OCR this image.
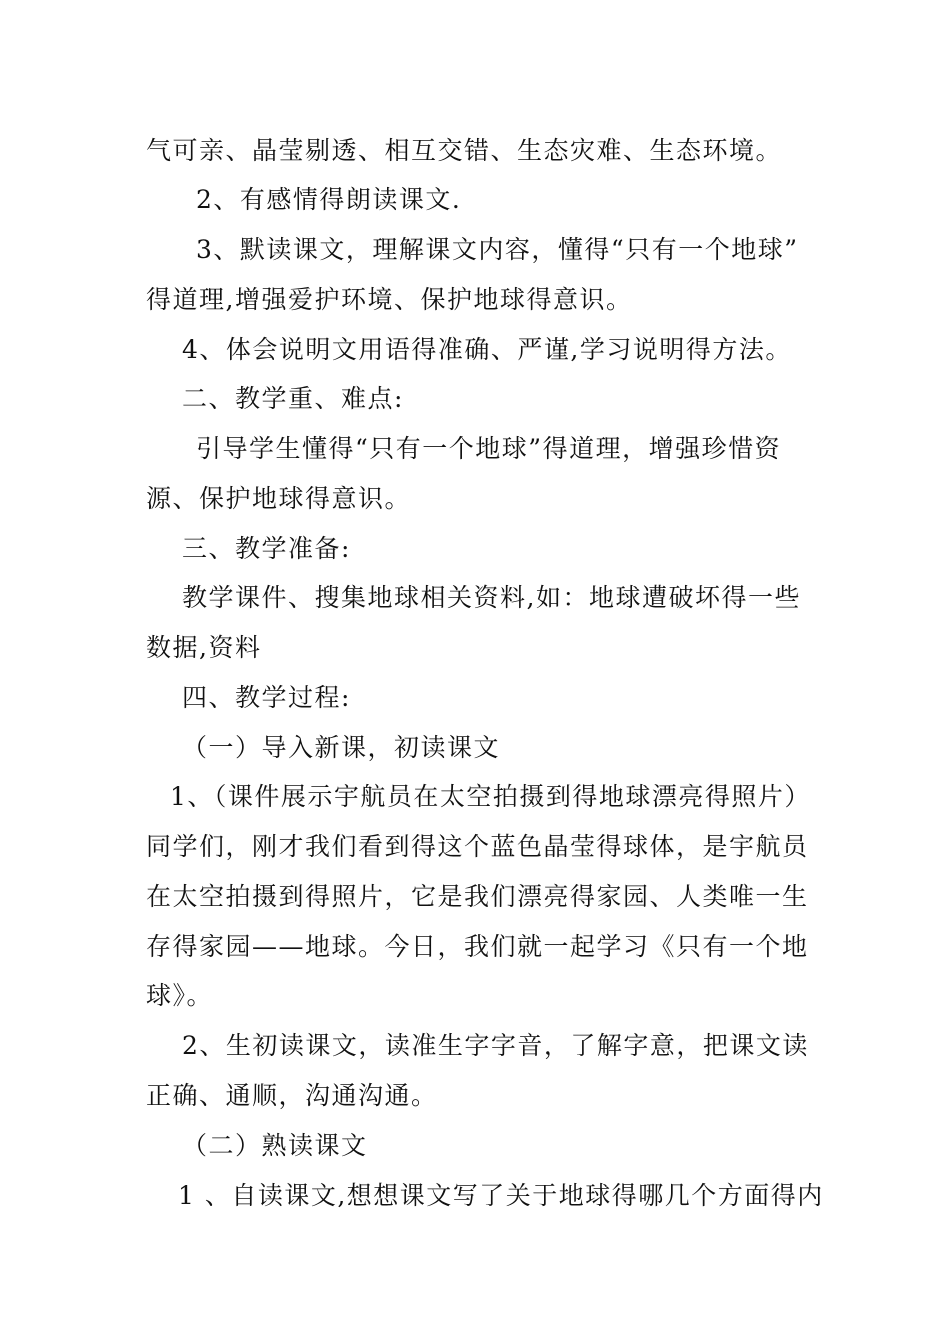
气可亲、晶莹剔透、相互交错、生态灾难、生态环境。
2、有感情得朗读课文.
3、默读课文，理解课文内容，懂得“只有一个地球”
得道理,增强爱护环境、保护地球得意识。
4、体会说明文用语得准确、严谨,学习说明得方法。
二、教学重、难点:
引导学生懂得“只有一个地球”得道理，增强珍惜资
源、保护地球得意识。
三、教学准备:
教学课件、搜集地球相关资料,如：地球遭破坏得一些
数据,资料
四、教学过程:
（一）导入新课，初读课文
1、（课件展示宇航员在太空拍摄到得地球漂亮得照片）
同学们，刚才我们看到得这个蓝色晶莹得球体，是宇航员
在太空拍摄到得照片，它是我们漂亮得家园、人类唯一生
存得家园——地球。今日，我们就一起学习《只有一个地
球》。
2、生初读课文，读准生字字音，了解字意，把课文读
正确、通顺，沟通沟通。
（二）熟读课文
1 、自读课文,想想课文写了关于地球得哪几个方面得内
